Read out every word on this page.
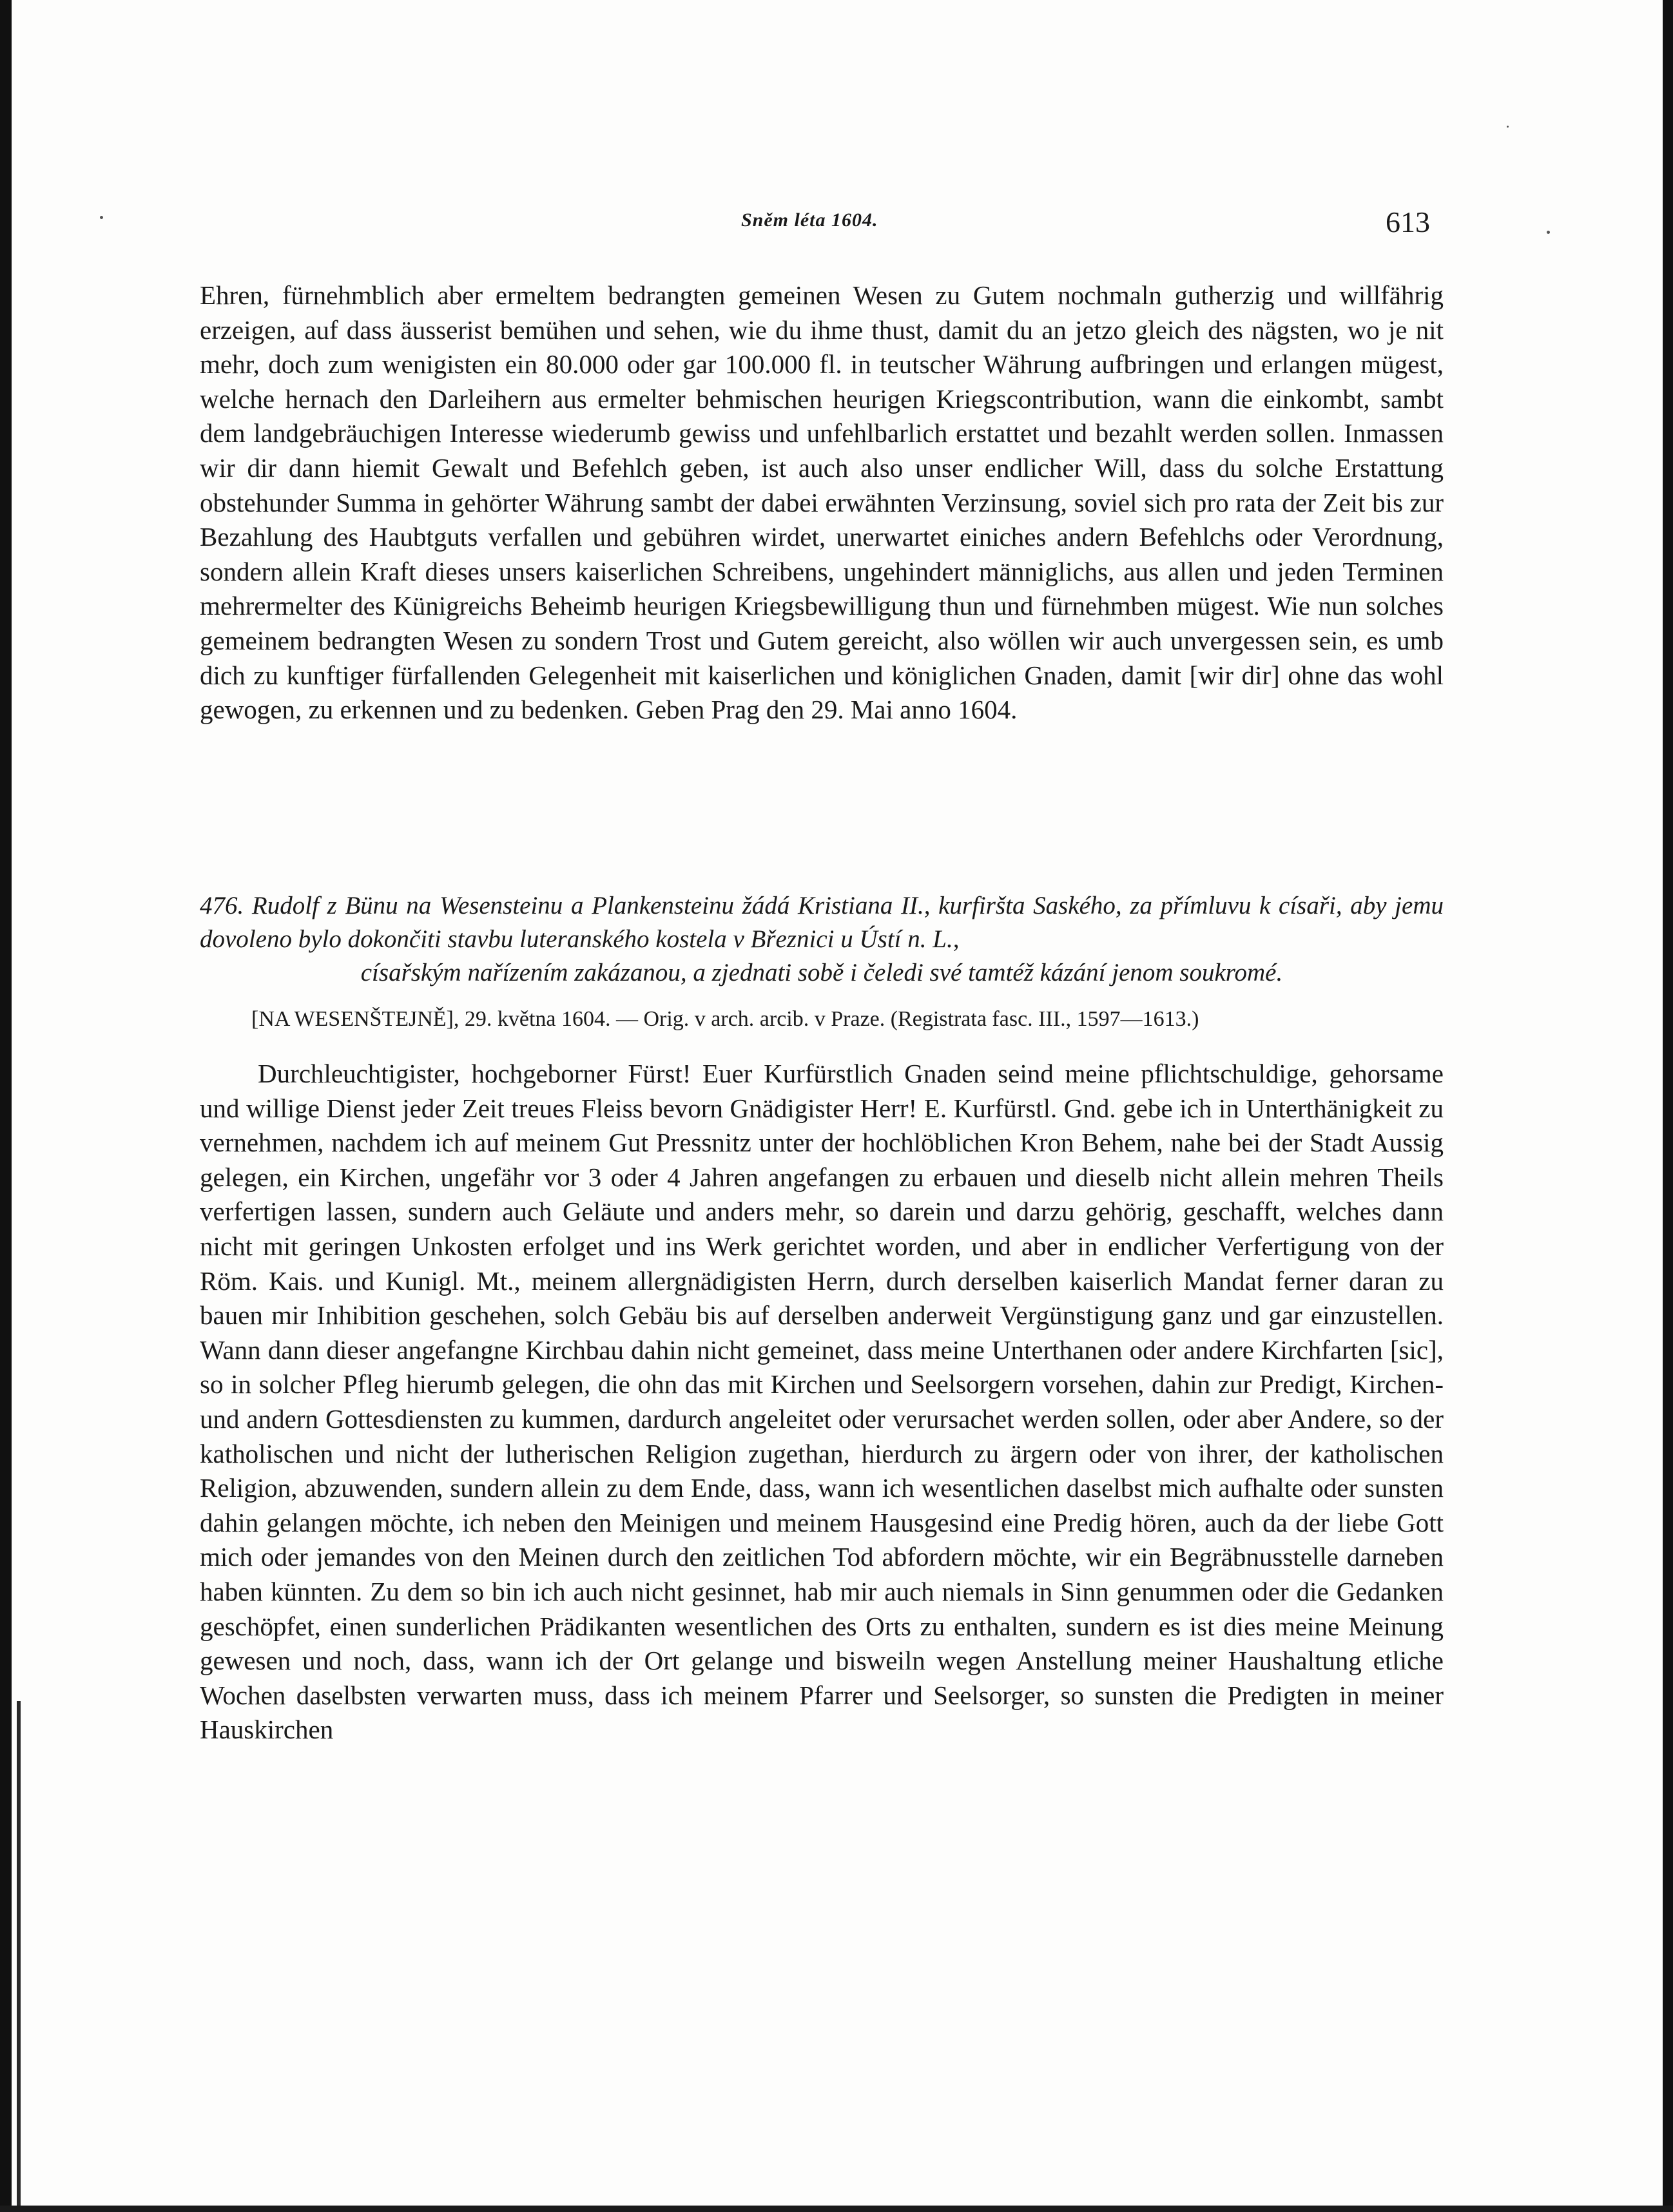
Sněm léta 1604.	613

Ehren, fürnehmblich aber ermeltem bedrangten gemeinen Wesen zu Gutem nochmaln gutherzig und willfährig erzeigen, auf dass äusserist bemühen und sehen, wie du ihme thust, damit du an jetzo gleich des nägsten, wo je nit mehr, doch zum wenigisten ein 80.000 oder gar 100.000 fl. in teutscher Währung aufbringen und erlangen mügest, welche hernach den Darleihern aus ermelter behmischen heurigen Kriegscontribution, wann die einkombt, sambt dem landgebräuchigen Interesse wiederumb gewiss und unfehlbarlich erstattet und bezahlt werden sollen. Inmassen wir dir dann hiemit Gewalt und Befehlch geben, ist auch also unser endlicher Will, dass du solche Erstattung obstehunder Summa in gehörter Währung sambt der dabei erwähnten Verzinsung, soviel sich pro rata der Zeit bis zur Bezahlung des Haubtguts verfallen und gebühren wirdet, unerwartet einiches andern Befehlchs oder Verordnung, sondern allein Kraft dieses unsers kaiserlichen Schreibens, ungehindert männiglichs, aus allen und jeden Terminen mehrermelter des Künigreichs Beheimb heurigen Kriegsbewilligung thun und fürnehmben mügest. Wie nun solches gemeinem bedrangten Wesen zu sondern Trost und Gutem gereicht, also wöllen wir auch unvergessen sein, es umb dich zu kunftiger fürfallenden Gelegenheit mit kaiserlichen und königlichen Gnaden, damit [wir dir] ohne das wohl gewogen, zu erkennen und zu bedenken. Geben Prag den 29. Mai anno 1604.

476. Rudolf z Bünu na Wesensteinu a Plankensteinu žádá Kristiana II., kurfiršta Saského, za přímluvu k císaři, aby jemu dovoleno bylo dokončiti stavbu luteranského kostela v Březnici u Ústí n. L.,
císařským nařízením zakázanou, a zjednati sobě i čeledi své tamtéž kázání jenom soukromé.
[NA WESENŠTEJNĚ], 29. května 1604. — Orig. v arch. arcib. v Praze. (Registrata fasc. III., 1597—1613.)

Durchleuchtigister, hochgeborner Fürst! Euer Kurfürstlich Gnaden seind meine pflichtschuldige, gehorsame und willige Dienst jeder Zeit treues Fleiss bevorn Gnädigister Herr! E. Kurfürstl. Gnd. gebe ich in Unterthänigkeit zu vernehmen, nachdem ich auf meinem Gut Pressnitz unter der hochlöblichen Kron Behem, nahe bei der Stadt Aussig gelegen, ein Kirchen, ungefähr vor 3 oder 4 Jahren angefangen zu erbauen und dieselb nicht allein mehren Theils verfertigen lassen, sundern auch Geläute und anders mehr, so darein und darzu gehörig, geschafft, welches dann nicht mit geringen Unkosten erfolget und ins Werk gerichtet worden, und aber in endlicher Verfertigung von der Röm. Kais. und Kunigl. Mt., meinem allergnädigisten Herrn, durch derselben kaiserlich Mandat ferner daran zu bauen mir Inhibition geschehen, solch Gebäu bis auf derselben anderweit Vergünstigung ganz und gar einzustellen. Wann dann dieser angefangne Kirchbau dahin nicht gemeinet, dass meine Unterthanen oder andere Kirchfarten [sic], so in solcher Pfleg hierumb gelegen, die ohn das mit Kirchen und Seelsorgern vorsehen, dahin zur Predigt, Kirchen- und andern Gottesdiensten zu kummen, dardurch angeleitet oder verursachet werden sollen, oder aber Andere, so der katholischen und nicht der lutherischen Religion zugethan, hierdurch zu ärgern oder von ihrer, der katholischen Religion, abzuwenden, sundern allein zu dem Ende, dass, wann ich wesentlichen daselbst mich aufhalte oder sunsten dahin gelangen möchte, ich neben den Meinigen und meinem Hausgesind eine Predig hören, auch da der liebe Gott mich oder jemandes von den Meinen durch den zeitlichen Tod abfordern möchte, wir ein Begräbnusstelle darneben haben künnten. Zu dem so bin ich auch nicht gesinnet, hab mir auch niemals in Sinn genummen oder die Gedanken geschöpfet, einen sunderlichen Prädikanten wesentlichen des Orts zu enthalten, sundern es ist dies meine Meinung gewesen und noch, dass, wann ich der Ort gelange und bisweiln wegen Anstellung meiner Haushaltung etliche Wochen daselbsten verwarten muss, dass ich meinem Pfarrer und Seelsorger, so sunsten die Predigten in meiner Hauskirchen
